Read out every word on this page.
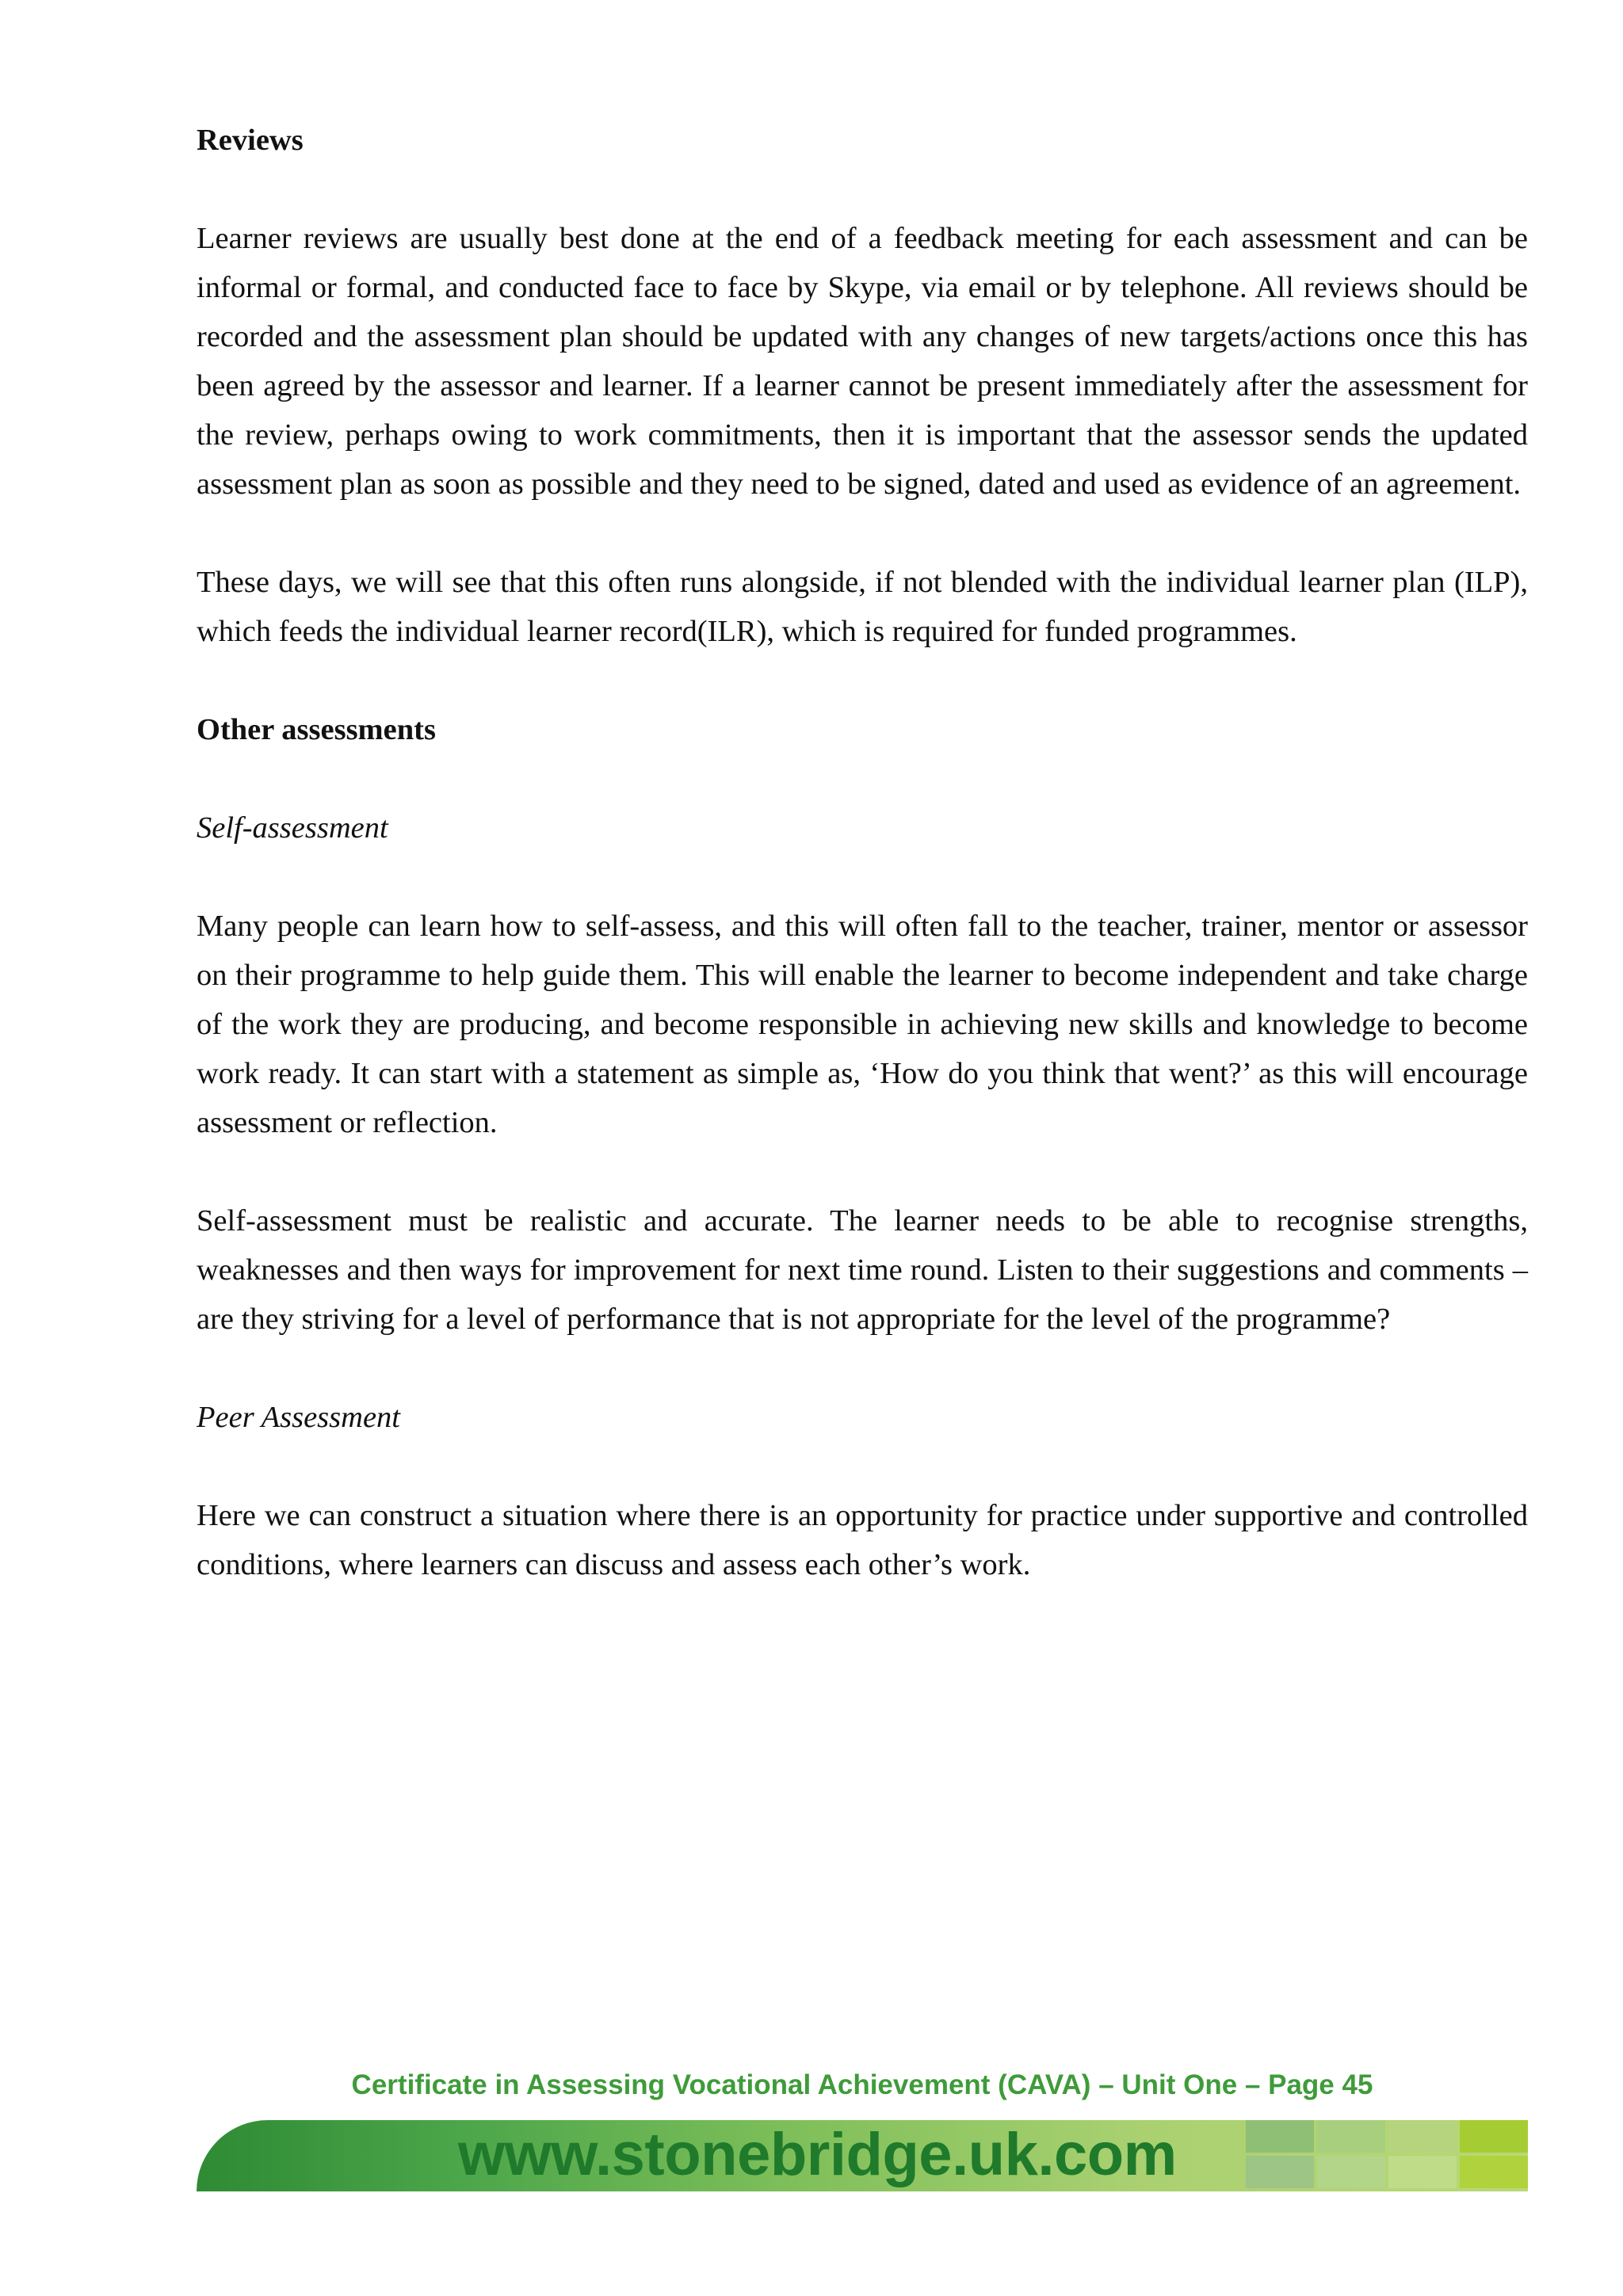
Reviews

Learner reviews are usually best done at the end of a feedback meeting for each assessment and can be informal or formal, and conducted face to face by Skype, via email or by telephone. All reviews should be recorded and the assessment plan should be updated with any changes of new targets/actions once this has been agreed by the assessor and learner. If a learner cannot be present immediately after the assessment for the review, perhaps owing to work commitments, then it is important that the assessor sends the updated assessment plan as soon as possible and they need to be signed, dated and used as evidence of an agreement.

These days, we will see that this often runs alongside, if not blended with the individual learner plan (ILP), which feeds the individual learner record(ILR), which is required for funded programmes.

Other assessments

Self-assessment

Many people can learn how to self-assess, and this will often fall to the teacher, trainer, mentor or assessor on their programme to help guide them. This will enable the learner to become independent and take charge of the work they are producing, and become responsible in achieving new skills and knowledge to become work ready. It can start with a statement as simple as, ‘How do you think that went?’ as this will encourage assessment or reflection.

Self-assessment must be realistic and accurate. The learner needs to be able to recognise strengths, weaknesses and then ways for improvement for next time round. Listen to their suggestions and comments – are they striving for a level of performance that is not appropriate for the level of the programme?

Peer Assessment

Here we can construct a situation where there is an opportunity for practice under supportive and controlled conditions, where learners can discuss and assess each other’s work.

Certificate in Assessing Vocational Achievement (CAVA) – Unit One – Page 45
www.stonebridge.uk.com
